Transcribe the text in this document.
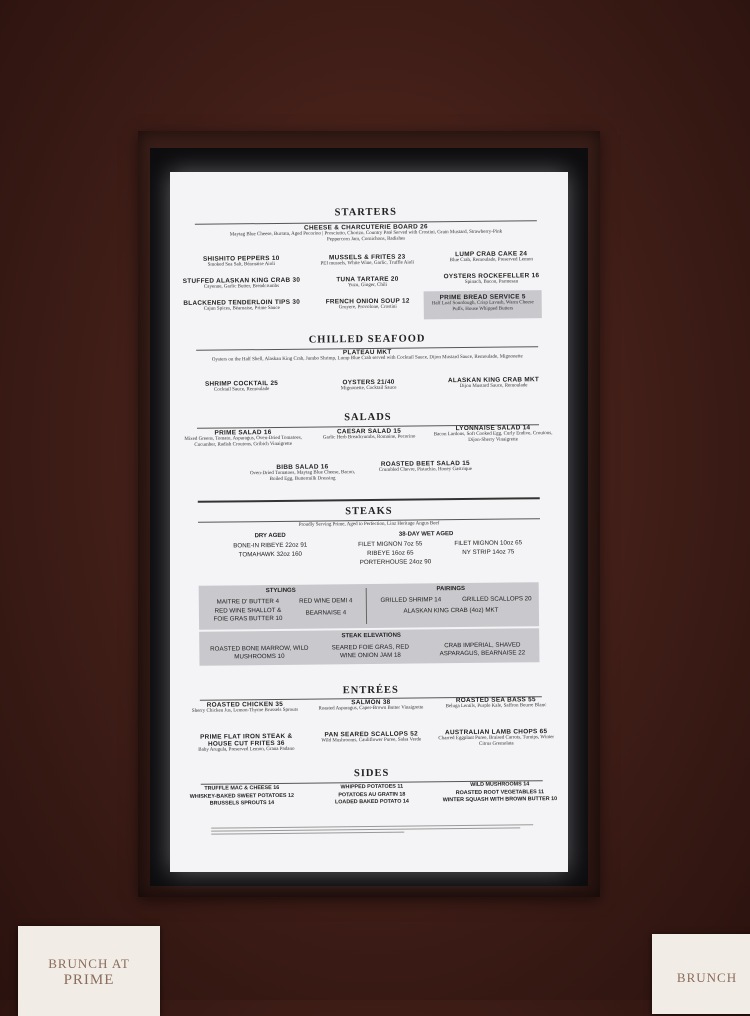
STARTERS
CHEESE & CHARCUTERIE BOARD 26
Maytag Blue Cheese, Burrata, Aged Pecorino | Prosciutto, Chorizo, Country Paté Served with Crostini, Grain Mustard, Strawberry-Pink Peppercorn Jam, Cornichons, Radishes
SHISHITO PEPPERS 10
Smoked Sea Salt, Béarnaise Aioli
MUSSELS & FRITES 23
PEI mussels, White Wine, Garlic, Truffle Aioli
LUMP CRAB CAKE 24
Blue Crab, Remoulade, Preserved Lemon
STUFFED ALASKAN KING CRAB 30
Cayenne, Garlic Butter, Breadcrumbs
TUNA TARTARE 20
Yuzu, Ginger, Chili
OYSTERS ROCKEFELLER 16
Spinach, Bacon, Parmesan
BLACKENED TENDERLOIN TIPS 30
Cajun Spices, Béarnaise, Prime Sauce
FRENCH ONION SOUP 12
Gruyere, Provolone, Crostini
PRIME BREAD SERVICE 5
Half Loaf Sourdough, Crisp Lavash, Warm Cheese Puffs, House Whipped Butters
CHILLED SEAFOOD
PLATEAU MKT
Oysters on the Half Shell, Alaskan King Crab, Jumbo Shrimp, Lump Blue Crab served with Cocktail Sauce, Dijon Mustard Sauce, Remoulade, Mignonette
SHRIMP COCKTAIL 25
Cocktail Sauce, Remoulade
OYSTERS 21/40
Mignonette, Cocktail Sauce
ALASKAN KING CRAB MKT
Dijon Mustard Sauce, Remoulade
SALADS
PRIME SALAD 16
Mixed Greens, Tomato, Asparagus, Oven-Dried Tomatoes, Cucumber, Radish Croutons, Gribich Vinaigrette
CAESAR SALAD 15
Garlic Herb Breadcrumbs, Romaine, Pecorino
LYONNAISE SALAD 14
Bacon Lardons, Soft Cooked Egg, Curly Endive, Croutons, Dijon-Sherry Vinaigrette
BIBB SALAD 16
Oven-Dried Tomatoes, Maytag Blue Cheese, Bacon, Boiled Egg, Buttermilk Dressing
ROASTED BEET SALAD 15
Crumbled Chevre, Pistachio, Honey Gastrique
STEAKS
Proudly Serving Prime, Aged to Perfection, Linz Heritage Angus Beef
DRY AGED
BONE-IN RIBEYE 22oz 91
TOMAHAWK 32oz 160
38-DAY WET AGED
FILET MIGNON 7oz 55	FILET MIGNON 10oz 65
RIBEYE 16oz 65	NY STRIP 14oz 75
PORTERHOUSE 24oz 90
STYLINGS
MAITRE D' BUTTER 4	RED WINE DEMI 4
RED WINE SHALLOT &
FOIE GRAS BUTTER 10
BEARNAISE 4
PAIRINGS
GRILLED SHRIMP 14	GRILLED SCALLOPS 20
ALASKAN KING CRAB (4oz) MKT
STEAK ELEVATIONS
ROASTED BONE MARROW, WILD
MUSHROOMS 10
SEARED FOIE GRAS, RED
WINE ONION JAM 18
CRAB IMPERIAL, SHAVED
ASPARAGUS, BEARNAISE 22
ENTRÉES
ROASTED CHICKEN 35
Sherry Chicken Jus, Lemon-Thyme Brussels Sprouts
SALMON 38
Roasted Asparagus, Caper-Brown Butter Vinaigrette
ROASTED SEA BASS 55
Beluga Lentils, Purple Kale, Saffron Beurre Blanc
PRIME FLAT IRON STEAK & HOUSE CUT FRITES 36
Baby Arugula, Preserved Lemon, Grana Padano
PAN SEARED SCALLOPS 52
Wild Mushrooms, Cauliflower Puree, Salsa Verde
AUSTRALIAN LAMB CHOPS 65
Charred Eggplant Puree, Braised Carrots, Turnips, Winter Citrus Gremolata
SIDES
TRUFFLE MAC & CHEESE 16
WHISKEY-BAKED SWEET POTATOES 12
BRUSSELS SPROUTS 14
WHIPPED POTATOES 11
POTATOES AU GRATIN 18
LOADED BAKED POTATO 14
WILD MUSHROOMS 14
ROASTED ROOT VEGETABLES 11
WINTER SQUASH WITH BROWN BUTTER 10
BRUNCH AT
PRIME	BRUNCH
